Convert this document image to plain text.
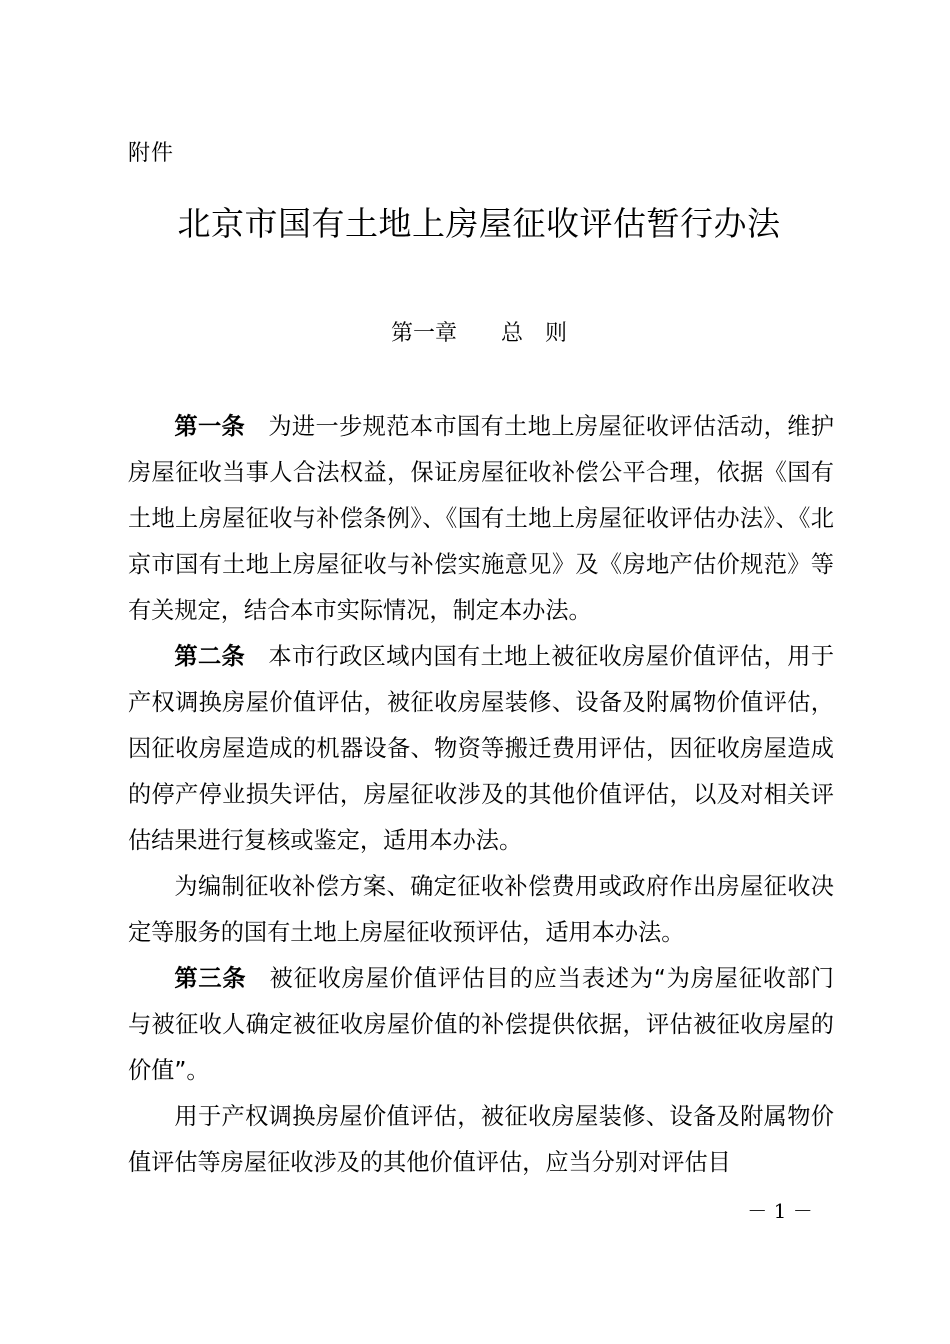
附件
北京市国有土地上房屋征收评估暂行办法
第一章　　总　则

第一条 为进一步规范本市国有土地上房屋征收评估活动，维护房屋征收当事人合法权益，保证房屋征收补偿公平合理，依据《国有土地上房屋征收与补偿条例》、《国有土地上房屋征收评估办法》、《北京市国有土地上房屋征收与补偿实施意见》及《房地产估价规范》等有关规定，结合本市实际情况，制定本办法。

第二条 本市行政区域内国有土地上被征收房屋价值评估，用于产权调换房屋价值评估，被征收房屋装修、设备及附属物价值评估，因征收房屋造成的机器设备、物资等搬迁费用评估，因征收房屋造成的停产停业损失评估，房屋征收涉及的其他价值评估，以及对相关评估结果进行复核或鉴定，适用本办法。

为编制征收补偿方案、确定征收补偿费用或政府作出房屋征收决定等服务的国有土地上房屋征收预评估，适用本办法。

第三条 被征收房屋价值评估目的应当表述为“为房屋征收部门与被征收人确定被征收房屋价值的补偿提供依据，评估被征收房屋的价值”。

用于产权调换房屋价值评估，被征收房屋装修、设备及附属物价值评估等房屋征收涉及的其他价值评估，应当分别对评估目

－ 1 －
